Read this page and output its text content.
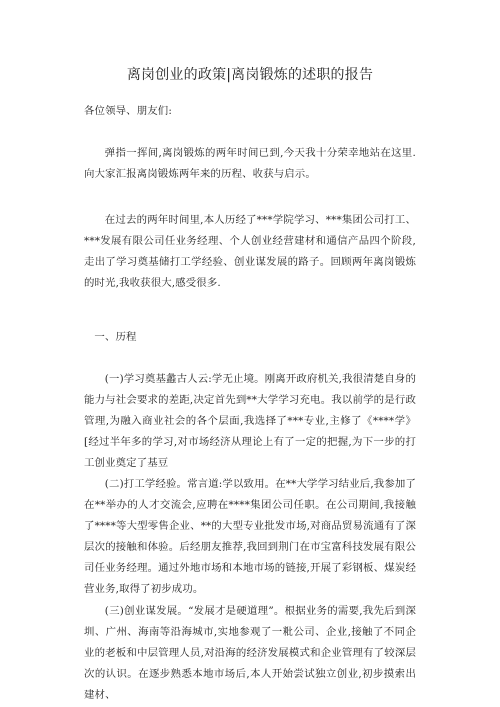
离岗创业的政策|离岗锻炼的述职的报告
各位领导、朋友们:
弹指一挥间,离岗锻炼的两年时间已到,今天我十分荣幸地站在这里.向大家汇报离岗锻炼两年来的历程、收获与启示。
在过去的两年时间里,本人历经了***学院学习、***集团公司打工、***发展有限公司任业务经理、个人创业经营建材和通信产品四个阶段,走出了学习奠基储打工学经验、创业谋发展的路子。回顾两年离岗锻炼的时光,我收获很大,感受很多.
一、历程
(一)学习奠基蠡古人云:学无止境。刚离开政府机关,我很清楚自身的能力与社会要求的差距,决定首先到**大学学习充电。我以前学的是行政管理,为融入商业社会的各个层面,我选择了***专业,主修了《****学》[经过半年多的学习,对市场经济从理论上有了一定的把握,为下一步的打工创业奠定了基豆
(二)打工学经验。常言道:学以致用。在**大学学习结业后,我参加了在**举办的人才交流会,应聘在****集团公司任职。在公司期间,我接触了****等大型零售企业、**的大型专业批发市场,对商品贸易流通有了深层次的接触和体验。后经朋友推荐,我回到荆门在市宝富科技发展有限公司任业务经理。通过外地市场和本地市场的链接,开展了彩钢板、煤炭经营业务,取得了初步成功。
(三)创业谋发展。“发展才是硬道理”。根据业务的需要,我先后到深圳、广州、海南等沿海城市,实地参观了一粃公司、企业,接触了不同企业的老板和中层管理人员,对沿海的经济发展模式和企业管理有了较深层次的认识。在逐步熟悉本地市场后,本人开始尝试独立创业,初步摸索出建材、
